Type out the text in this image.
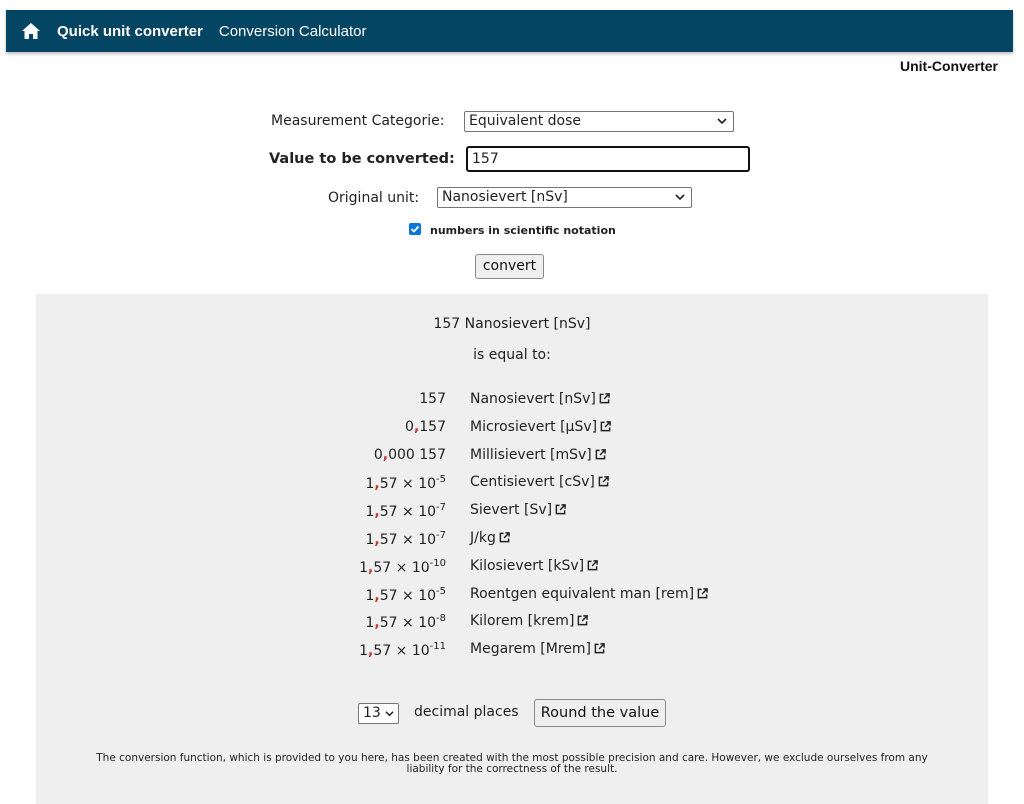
Quick unit converter Conversion Calculator
Unit-Converter
Measurement Categorie:	Equivalent dose
Value to be converted:
157
Original unit:	Nanosievert [nSv]
numbers in scientific notation
convert
157 Nanosievert [nSv]
is equal to:
157 Nanosievert [nSv]
0,157 Microsievert [µSv]
0,000 157 Millisievert [mSv]
$1,57 \times 10^{-5}$ Centisievert [cSv]
$1,57 \times 10^{-7}$ Sievert [Sv]
$1,57 \times 10^{-7}$ J/kg
$1,57 \times 10^{-10}$ Kilosievert [kSv]
$1,57 \times 10^{-5}$ Roentgen equivalent man [rem]
$1,57 \times 10^{-8}$ Kilorem [krem]
$1,57 \times 10^{-11}$ Megarem [Mrem]
13	decimal places	Round the value
The conversion function, which is provided to you here, has been created with the most possible precision and care. However, we exclude ourselves from any liability for the correctness of the result.
